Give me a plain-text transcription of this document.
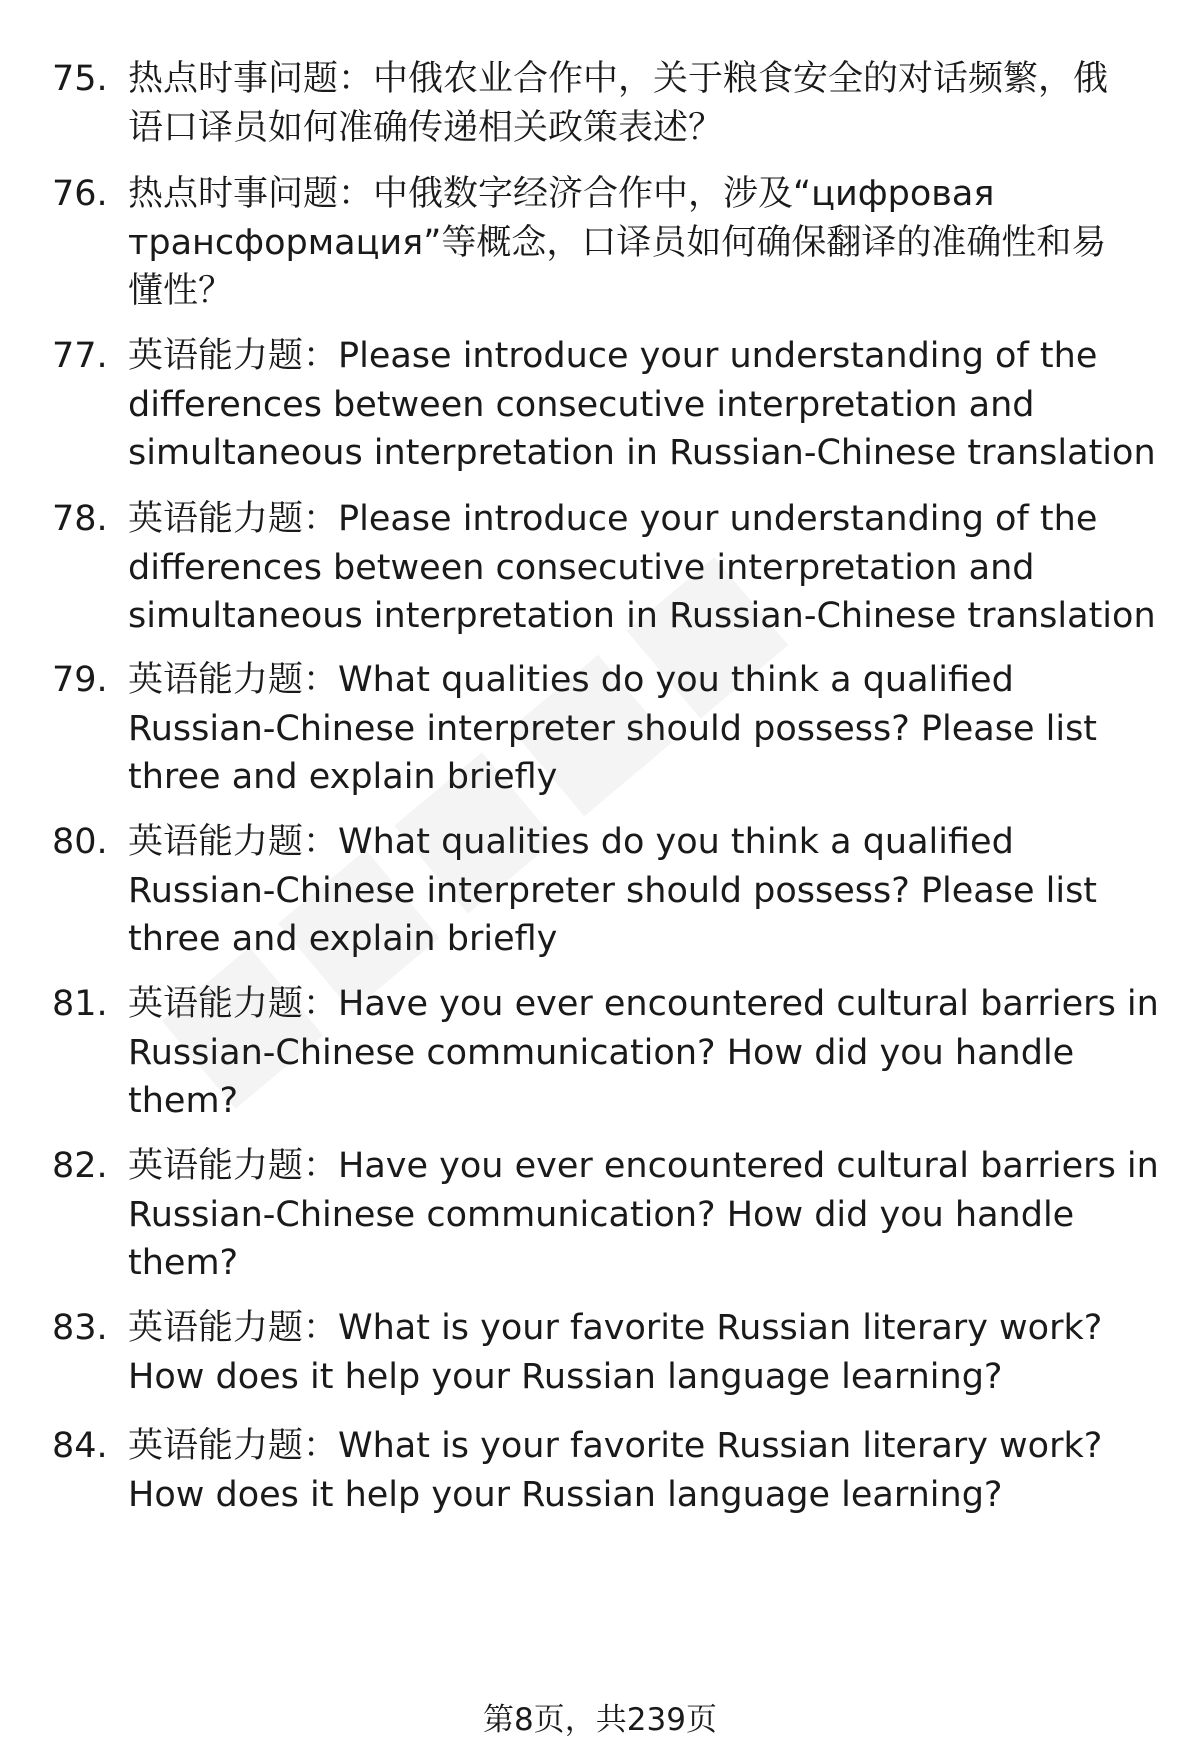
75. 热点时事问题：中俄农业合作中，关于粮食安全的对话频繁，俄
语口译员如何准确传递相关政策表述？
76. 热点时事问题：中俄数字经济合作中，涉及“цифровая
трансформация”等概念，口译员如何确保翻译的准确性和易
懂性？
77. 英语能力题：Please introduce your understanding of the
differences between consecutive interpretation and
simultaneous interpretation in Russian-Chinese translation
78. 英语能力题：Please introduce your understanding of the
differences between consecutive interpretation and
simultaneous interpretation in Russian-Chinese translation
79. 英语能力题：What qualities do you think a qualified
Russian-Chinese interpreter should possess? Please list
three and explain briefly
80. 英语能力题：What qualities do you think a qualified
Russian-Chinese interpreter should possess? Please list
three and explain briefly
81. 英语能力题：Have you ever encountered cultural barriers in
Russian-Chinese communication? How did you handle
them?
82. 英语能力题：Have you ever encountered cultural barriers in
Russian-Chinese communication? How did you handle
them?
83. 英语能力题：What is your favorite Russian literary work?
How does it help your Russian language learning?
84. 英语能力题：What is your favorite Russian literary work?
How does it help your Russian language learning?
第8页，共239页
